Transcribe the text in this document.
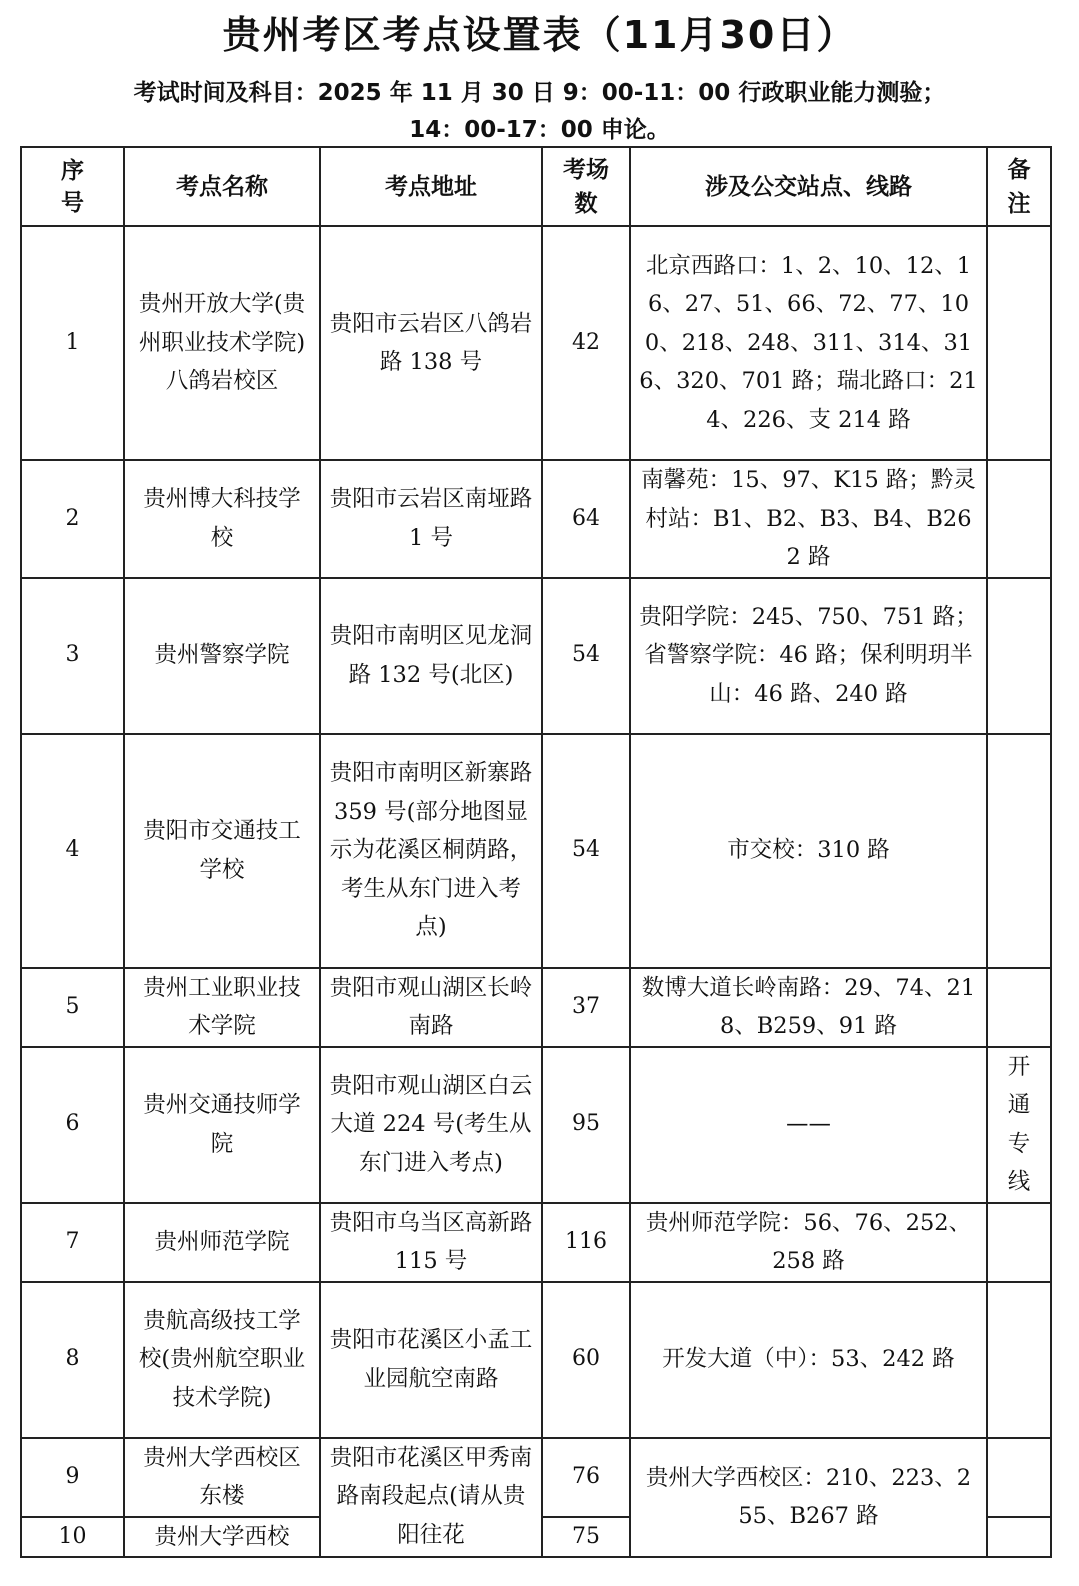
贵州考区考点设置表（11月30日）
考试时间及科目：2025 年 11 月 30 日 9：00-11：00 行政职业能力测验；
14：00-17：00 申论。
序号	考点名称	考点地址	考场数	涉及公交站点、线路	备注
1	贵州开放大学(贵州职业技术学院)八鸽岩校区	贵阳市云岩区八鸽岩路 138 号	42	北京西路口：1、2、10、12、16、27、51、66、72、77、100、218、248、311、314、316、320、701 路；瑞北路口：214、226、支 214 路	
2	贵州博大科技学校	贵阳市云岩区南垭路 1 号	64	南馨苑：15、97、K15 路；黔灵村站：B1、B2、B3、B4、B262 路	
3	贵州警察学院	贵阳市南明区见龙洞路 132 号(北区)	54	贵阳学院：245、750、751 路；省警察学院：46 路；保利明玥半山：46 路、240 路	
4	贵阳市交通技工学校	贵阳市南明区新寨路 359 号(部分地图显示为花溪区桐荫路，考生从东门进入考点)	54	市交校：310 路	
5	贵州工业职业技术学院	贵阳市观山湖区长岭南路	37	数博大道长岭南路：29、74、218、B259、91 路	
6	贵州交通技师学院	贵阳市观山湖区白云大道 224 号(考生从东门进入考点)	95	——	开通专线
7	贵州师范学院	贵阳市乌当区高新路 115 号	116	贵州师范学院：56、76、252、258 路	
8	贵航高级技工学校(贵州航空职业技术学院)	贵阳市花溪区小孟工业园航空南路	60	开发大道（中）：53、242 路	
9	贵州大学西校区东楼	贵阳市花溪区甲秀南路南段起点(请从贵阳往花	76	贵州大学西校区：210、223、255、B267 路	
10	贵州大学西校		75		
